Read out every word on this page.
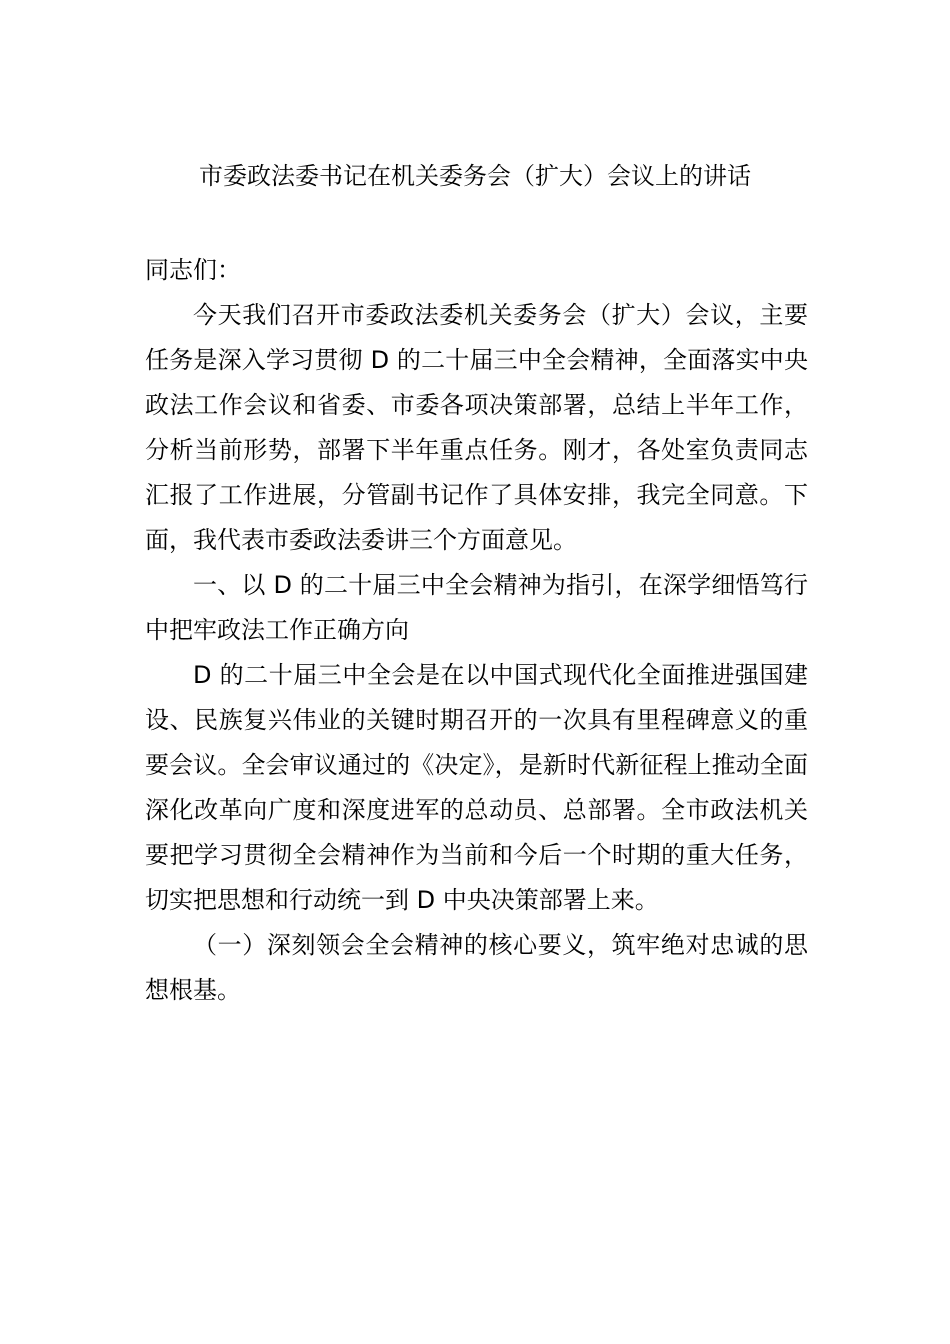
市委政法委书记在机关委务会（扩大）会议上的讲话

同志们：

今天我们召开市委政法委机关委务会（扩大）会议，主要任务是深入学习贯彻 D 的二十届三中全会精神，全面落实中央政法工作会议和省委、市委各项决策部署，总结上半年工作，分析当前形势，部署下半年重点任务。刚才，各处室负责同志汇报了工作进展，分管副书记作了具体安排，我完全同意。下面，我代表市委政法委讲三个方面意见。

一、以 D 的二十届三中全会精神为指引，在深学细悟笃行中把牢政法工作正确方向

D 的二十届三中全会是在以中国式现代化全面推进强国建设、民族复兴伟业的关键时期召开的一次具有里程碑意义的重要会议。全会审议通过的《决定》，是新时代新征程上推动全面深化改革向广度和深度进军的总动员、总部署。全市政法机关要把学习贯彻全会精神作为当前和今后一个时期的重大任务，切实把思想和行动统一到 D 中央决策部署上来。

（一）深刻领会全会精神的核心要义，筑牢绝对忠诚的思想根基。
